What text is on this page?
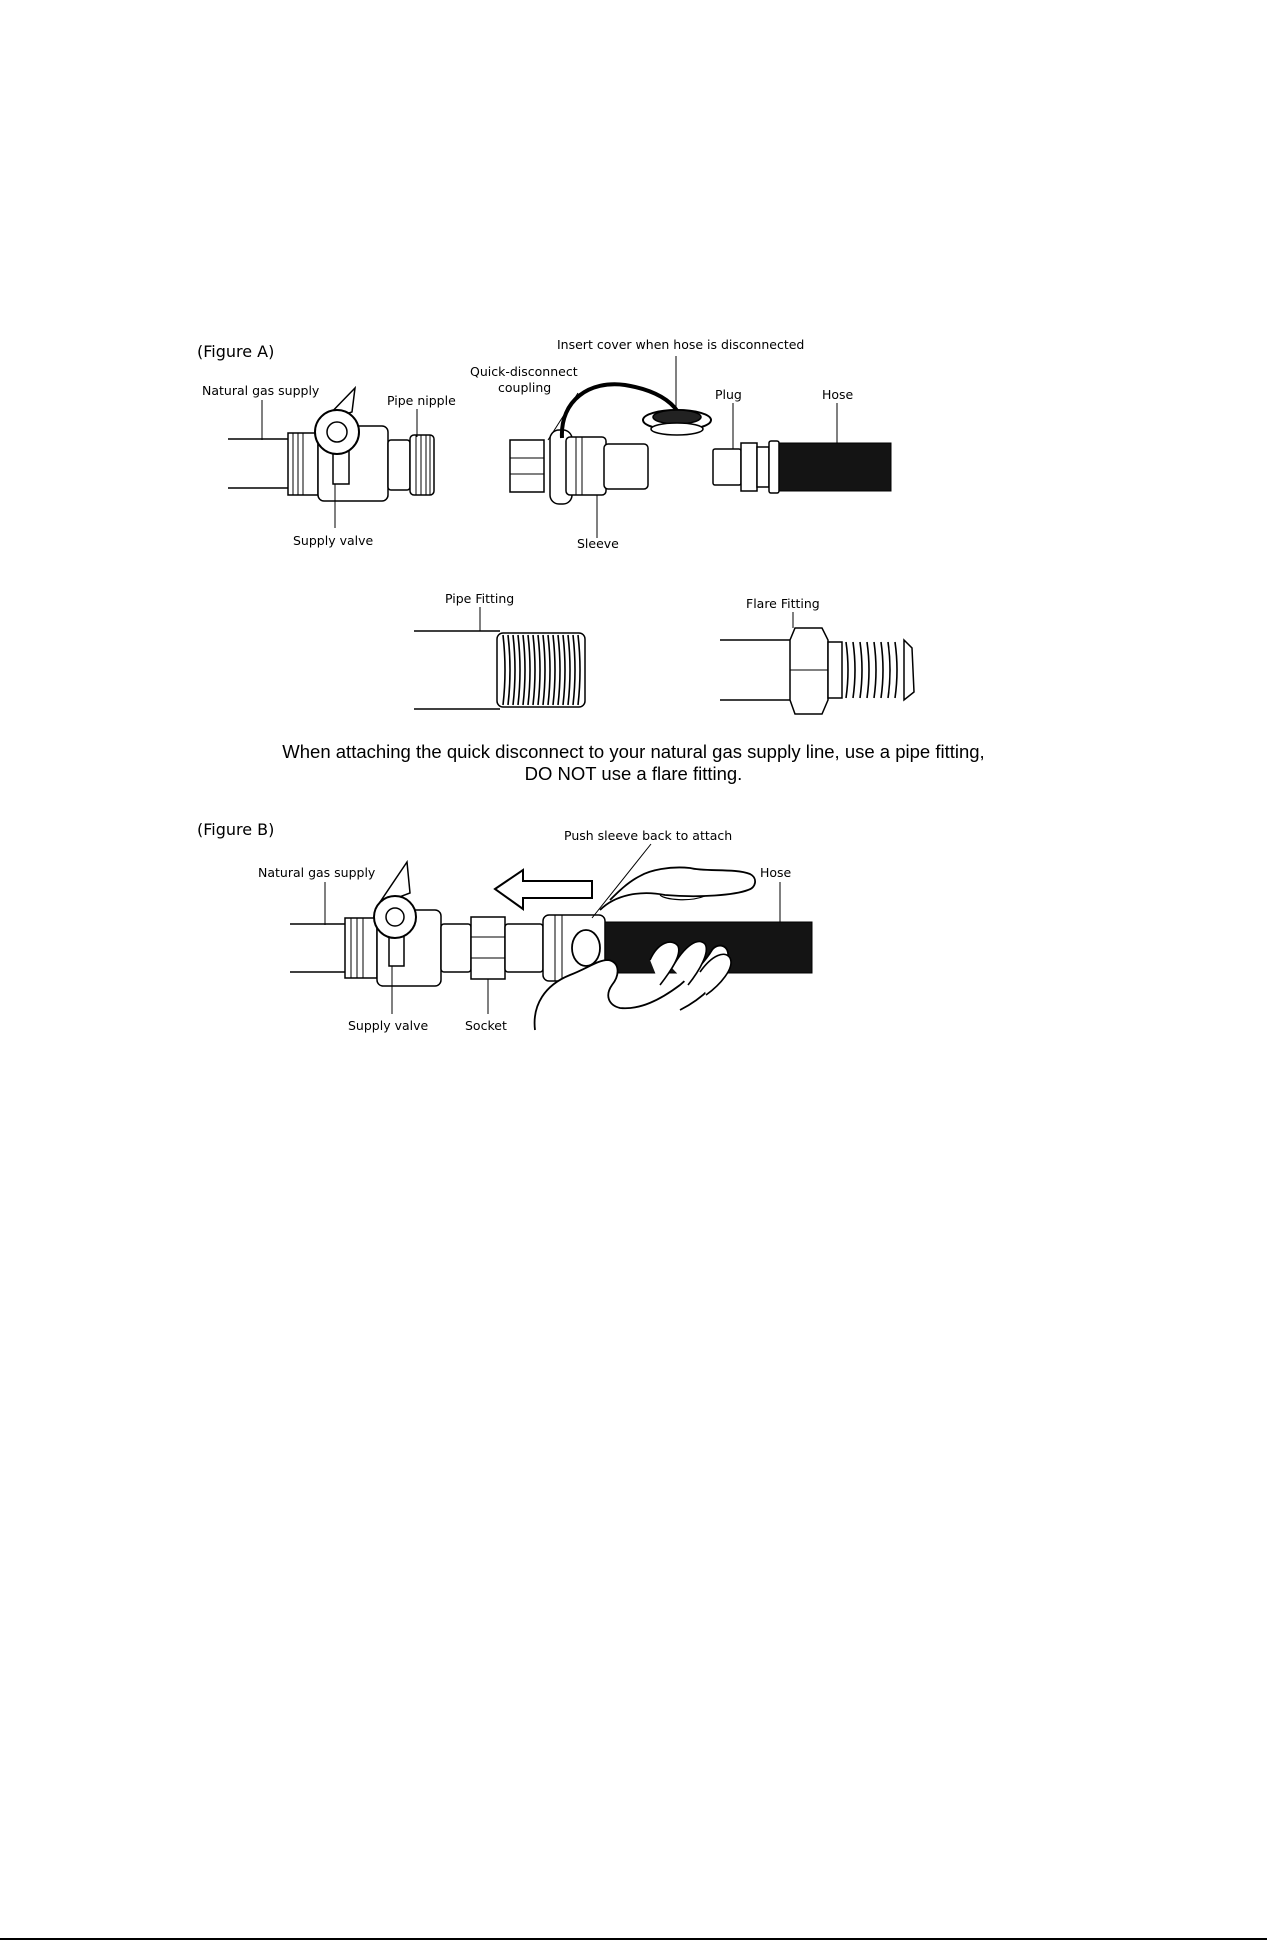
(Figure A)
Natural gas supply
Pipe nipple
Supply valve
Insert cover when hose is disconnected
Quick-disconnect
coupling
Sleeve
Plug	Hose
Pipe Fitting	Flare Fitting
(Figure B)
Natural gas supply
Push sleeve back to attach
Hose
Supply valve	Socket
When attaching the quick disconnect to your natural gas supply line, use a pipe fitting,
DO NOT use a flare fitting.
